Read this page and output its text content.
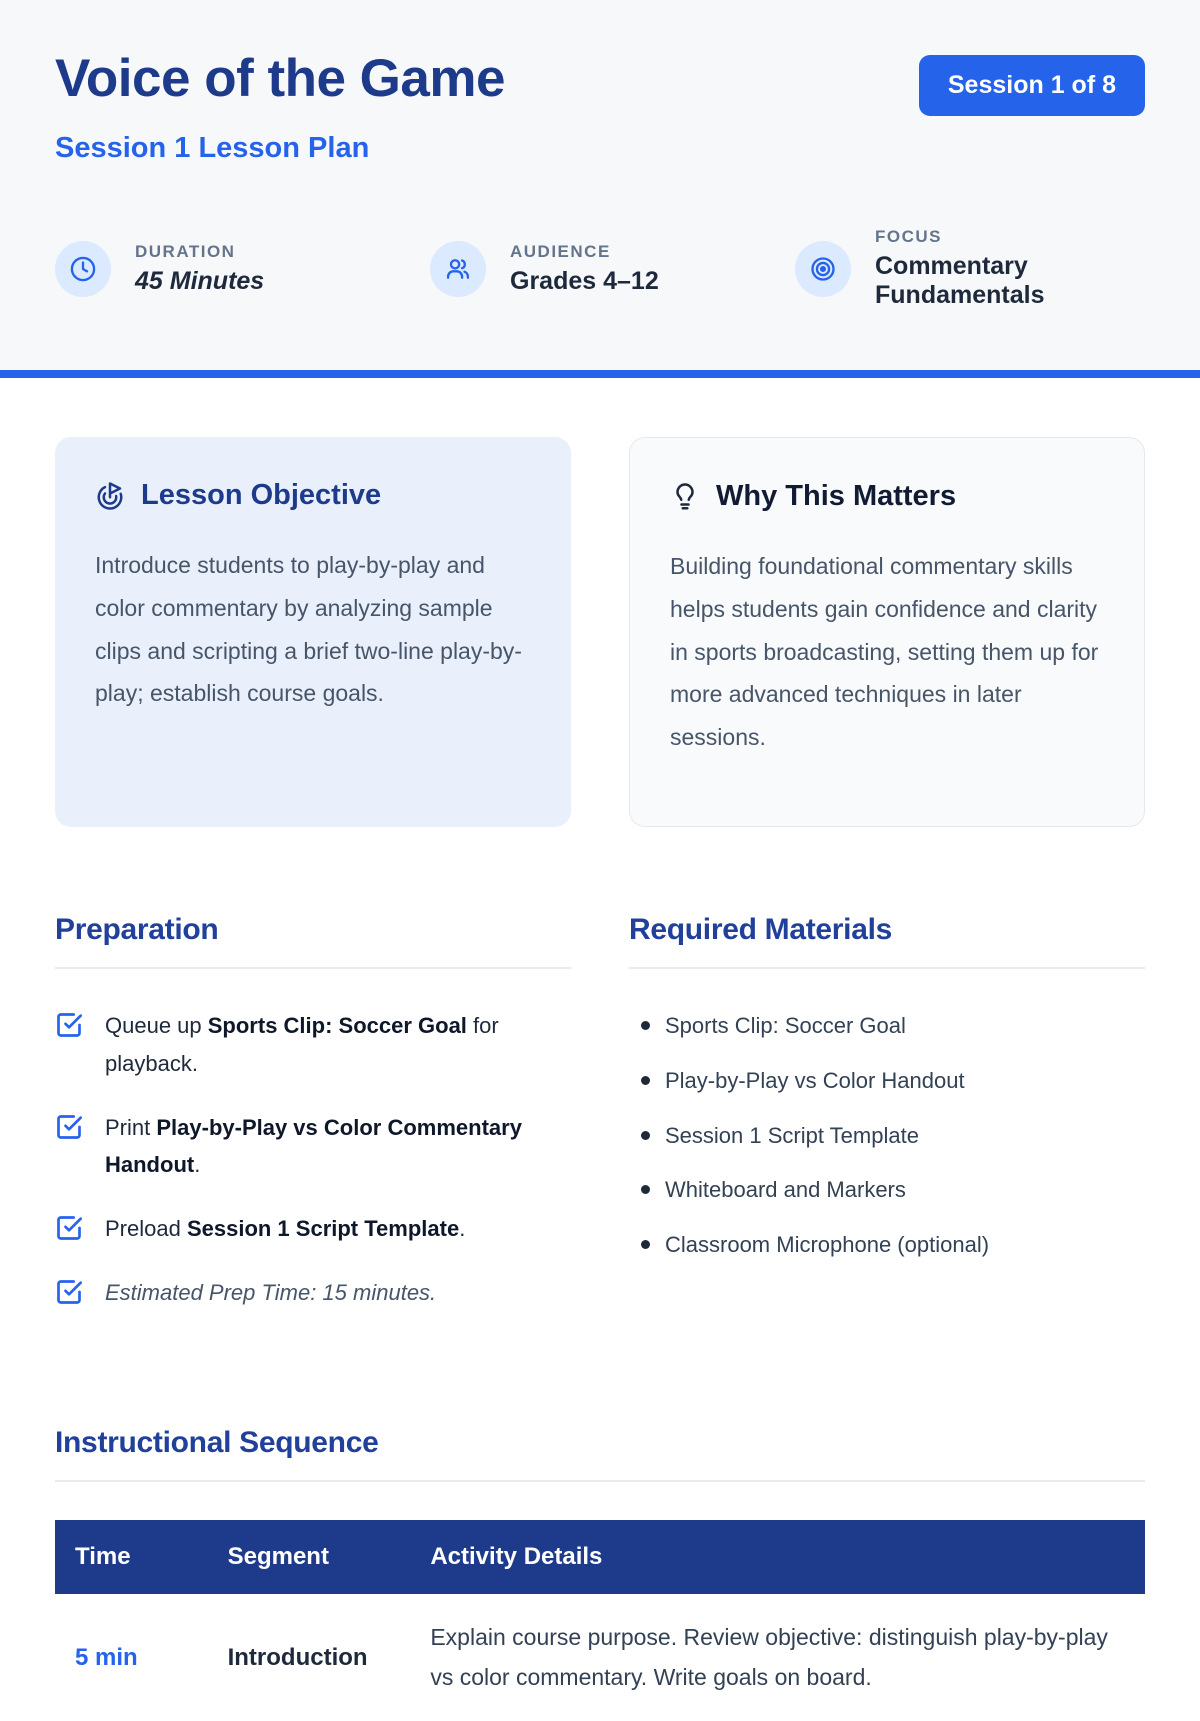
Voice of the Game	Session 1 of 8
Session 1 Lesson Plan
DURATION
45 Minutes
AUDIENCE
Grades 4–12
FOCUS
Commentary Fundamentals
Lesson Objective

Introduce students to play-by-play and color commentary by analyzing sample clips and scripting a brief two-line play-by-play; establish course goals.

Why This Matters

Building foundational commentary skills helps students gain confidence and clarity in sports broadcasting, setting them up for more advanced techniques in later sessions.

Preparation
Queue up Sports Clip: Soccer Goal for playback.
Print Play-by-Play vs Color Commentary Handout.
Preload Session 1 Script Template.
Estimated Prep Time: 15 minutes.
Required Materials
Sports Clip: Soccer Goal
Play-by-Play vs Color Handout
Session 1 Script Template
Whiteboard and Markers
Classroom Microphone (optional)
Instructional Sequence
Time	Segment	Activity Details
5 min	Introduction	Explain course purpose. Review objective: distinguish play-by-play vs color commentary. Write goals on board.
